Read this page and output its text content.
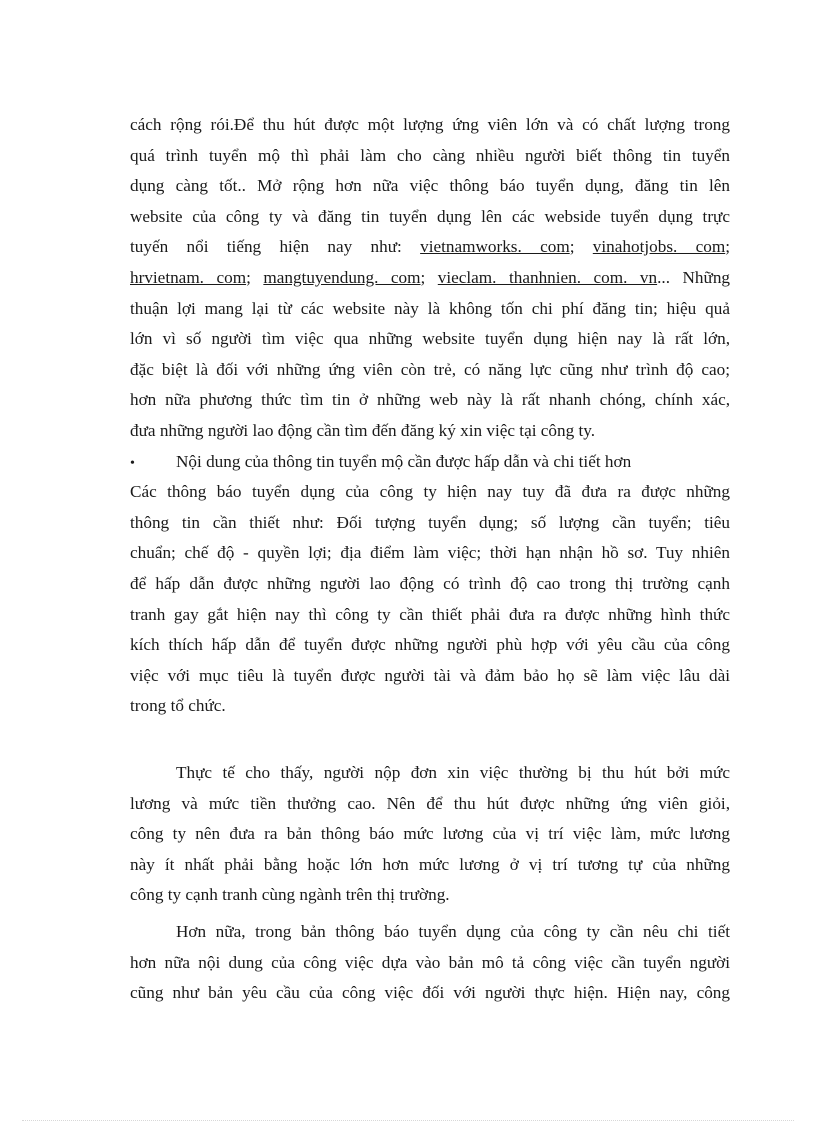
cách rộng rói.Để thu hút được một lượng ứng viên lớn và có chất lượng trong
quá trình tuyển mộ thì phải làm cho càng nhiều người biết thông tin tuyển
dụng càng tốt.. Mở rộng hơn nữa việc thông báo tuyển dụng, đăng tin lên
website của công ty và đăng tin tuyển dụng lên các webside tuyển dụng trực
tuyến nổi tiếng hiện nay như: vietnamworks. com; vinahotjobs. com;
hrvietnam. com; mangtuyendung. com; vieclam. thanhnien. com. vn... Những
thuận lợi mang lại từ các website này là không tốn chi phí đăng tin; hiệu quả
lớn vì số người tìm việc qua những website tuyển dụng hiện nay là rất lớn,
đặc biệt là đối với những ứng viên còn trẻ, có năng lực cũng như trình độ cao;
hơn nữa phương thức tìm tin ở những web này là rất nhanh chóng, chính xác,
đưa những người lao động cần tìm đến đăng ký xin việc tại công ty.
•	Nội dung của thông tin tuyển mộ cần được hấp dẫn và chi tiết hơn
Các thông báo tuyển dụng của công ty hiện nay tuy đã đưa ra được những
thông tin cần thiết như: Đối tượng tuyển dụng; số lượng cần tuyển; tiêu
chuẩn; chế độ - quyền lợi; địa điểm làm việc; thời hạn nhận hồ sơ. Tuy nhiên
để hấp dẫn được những người lao động có trình độ cao trong thị trường cạnh
tranh gay gắt hiện nay thì công ty cần thiết phải đưa ra được những hình thức
kích thích hấp dẫn để tuyển được những người phù hợp với yêu cầu của công
việc với mục tiêu là tuyển được người tài và đảm bảo họ sẽ làm việc lâu dài
trong tổ chức.
Thực tế cho thấy, người nộp đơn xin việc thường bị thu hút bởi mức
lương và mức tiền thưởng cao. Nên để thu hút được những ứng viên giỏi,
công ty nên đưa ra bản thông báo mức lương của vị trí việc làm, mức lương
này ít nhất phải bằng hoặc lớn hơn mức lương ở vị trí tương tự của những
công ty cạnh tranh cùng ngành trên thị trường.
Hơn nữa, trong bản thông báo tuyển dụng của công ty cần nêu chi tiết
hơn nữa nội dung của công việc dựa vào bản mô tả công việc cần tuyển người
cũng như bản yêu cầu của công việc đối với người thực hiện. Hiện nay, công
